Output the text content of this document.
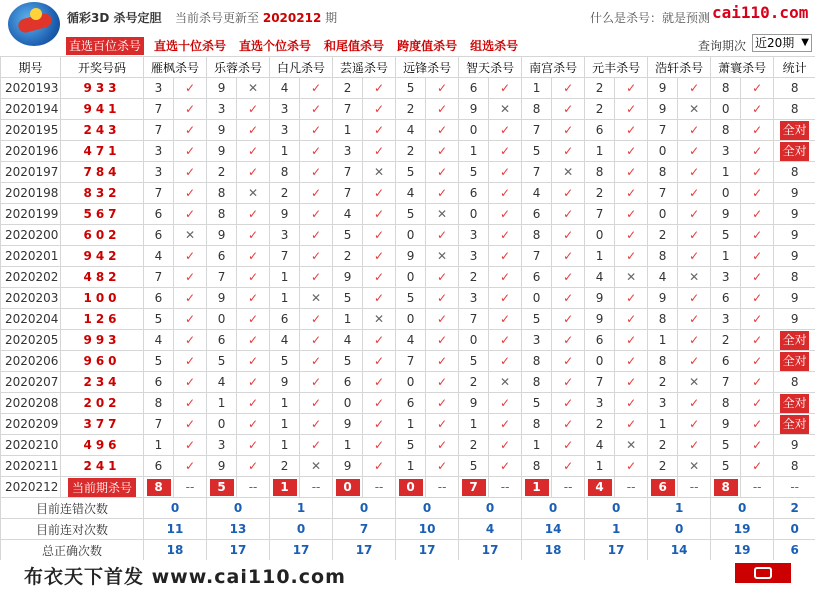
循彩3D 杀号定胆 当前杀号更新至 2020212 期	什么是杀号：就是预测 cai110.com
直选百位杀号 直选十位杀号 直选个位杀号 和尾值杀号 跨度值杀号 组选杀号	查询期次 近20期 ▼
期号	开奖号码	雁枫杀号		乐蓉杀号		白凡杀号		芸遥杀号		远锋杀号		智天杀号		南宫杀号		元丰杀号		浩轩杀号		萧寰杀号		统计
2020193	933	3	✓	9	✕	4	✓	2	✓	5	✓	6	✓	1	✓	2	✓	9	✓	8	✓	8
2020194	941	7	✓	3	✓	3	✓	7	✓	2	✓	9	✕	8	✓	2	✓	9	✕	0	✓	8
2020195	243	7	✓	9	✓	3	✓	1	✓	4	✓	0	✓	7	✓	6	✓	7	✓	8	✓	全对

2020196	471	3	✓	9	✓	1	✓	3	✓	2	✓	1	✓	5	✓	1	✓	0	✓	3	✓	全对

2020197	784	3	✓	2	✓	8	✓	7	✕	5	✓	5	✓	7	✕	8	✓	8	✓	1	✓	8
2020198	832	7	✓	8	✕	2	✓	7	✓	4	✓	6	✓	4	✓	2	✓	7	✓	0	✓	9
2020199	567	6	✓	8	✓	9	✓	4	✓	5	✕	0	✓	6	✓	7	✓	0	✓	9	✓	9
2020200	602	6	✕	9	✓	3	✓	5	✓	0	✓	3	✓	8	✓	0	✓	2	✓	5	✓	9
2020201	942	4	✓	6	✓	7	✓	2	✓	9	✕	3	✓	7	✓	1	✓	8	✓	1	✓	9
2020202	482	7	✓	7	✓	1	✓	9	✓	0	✓	2	✓	6	✓	4	✕	4	✕	3	✓	8
2020203	100	6	✓	9	✓	1	✕	5	✓	5	✓	3	✓	0	✓	9	✓	9	✓	6	✓	9
2020204	126	5	✓	0	✓	6	✓	1	✕	0	✓	7	✓	5	✓	9	✓	8	✓	3	✓	9
2020205	993	4	✓	6	✓	4	✓	4	✓	4	✓	0	✓	3	✓	6	✓	1	✓	2	✓	全对

2020206	960	5	✓	5	✓	5	✓	5	✓	7	✓	5	✓	8	✓	0	✓	8	✓	6	✓	全对

2020207	234	6	✓	4	✓	9	✓	6	✓	0	✓	2	✕	8	✓	7	✓	2	✕	7	✓	8
2020208	202	8	✓	1	✓	1	✓	0	✓	6	✓	9	✓	5	✓	3	✓	3	✓	8	✓	全对

2020209	377	7	✓	0	✓	1	✓	9	✓	1	✓	1	✓	8	✓	2	✓	1	✓	9	✓	全对

2020210	496	1	✓	3	✓	1	✓	1	✓	5	✓	2	✓	1	✓	4	✕	2	✓	5	✓	9
2020211	241	6	✓	9	✓	2	✕	9	✓	1	✓	5	✓	8	✓	1	✓	2	✕	5	✓	8
2020212	当前期杀号	8	--	5	--	1	--	0	--	0	--	7	--	1	--	4	--	6	--	8	--	--
目前连错次数		0		0		1		0		0		0		0		0		1		0		2
目前连对次数		11		13		0		7		10		4		14		1		0		19		0
总正确次数		18		17		17		17		17		17		18		17		14		19		6

布衣天下首发 www.cai110.com
